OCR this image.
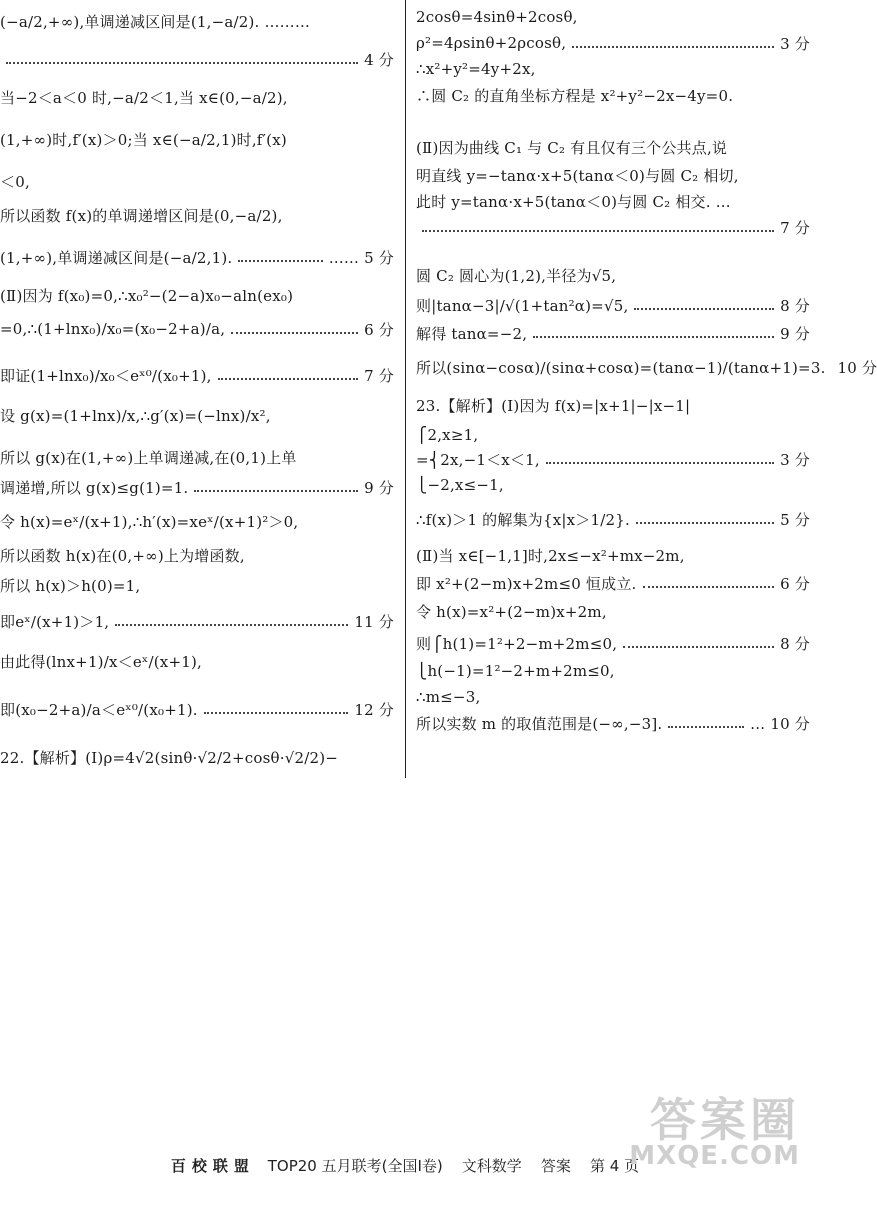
(−a/2,+∞),单调递减区间是(1,−a/2). ………
4 分
当−2＜a＜0 时,−a/2＜1,当 x∈(0,−a/2),
(1,+∞)时,f′(x)＞0;当 x∈(−a/2,1)时,f′(x)
＜0,
所以函数 f(x)的单调递增区间是(0,−a/2),
(1,+∞),单调递减区间是(−a/2,1).	…… 5 分
(Ⅱ)因为 f(x₀)=0,∴x₀²−(2−a)x₀−aln(ex₀)
=0,∴(1+lnx₀)/x₀=(x₀−2+a)/a,	6 分
即证(1+lnx₀)/x₀＜eˣ⁰/(x₀+1),	7 分
设 g(x)=(1+lnx)/x,∴g′(x)=(−lnx)/x²,
所以 g(x)在(1,+∞)上单调递减,在(0,1)上单
调递增,所以 g(x)≤g(1)=1.	9 分
令 h(x)=eˣ/(x+1),∴h′(x)=xeˣ/(x+1)²＞0,
所以函数 h(x)在(0,+∞)上为增函数,
所以 h(x)＞h(0)=1,
即eˣ/(x+1)＞1,	11 分
由此得(lnx+1)/x＜eˣ/(x+1),
即(x₀−2+a)/a＜eˣ⁰/(x₀+1).	12 分
22.【解析】(Ⅰ)ρ=4√2(sinθ·√2/2+cosθ·√2/2)−
2cosθ=4sinθ+2cosθ,
ρ²=4ρsinθ+2ρcosθ,	3 分
∴x²+y²=4y+2x,
∴圆 C₂ 的直角坐标方程是 x²+y²−2x−4y=0.
(Ⅱ)因为曲线 C₁ 与 C₂ 有且仅有三个公共点,说
明直线 y=−tanα·x+5(tanα＜0)与圆 C₂ 相切,
此时 y=tanα·x+5(tanα＜0)与圆 C₂ 相交. …
7 分
圆 C₂ 圆心为(1,2),半径为√5,
则|tanα−3|/√(1+tan²α)=√5,	8 分
解得 tanα=−2,	9 分
所以(sinα−cosα)/(sinα+cosα)=(tanα−1)/(tanα+1)=3. 10 分
23.【解析】(Ⅰ)因为 f(x)=|x+1|−|x−1|
⎧2,x≥1,
=⎨2x,−1＜x＜1,	3 分
⎩−2,x≤−1,
∴f(x)＞1 的解集为{x|x＞1/2}.	5 分
(Ⅱ)当 x∈[−1,1]时,2x≤−x²+mx−2m,
即 x²+(2−m)x+2m≤0 恒成立.	6 分
令 h(x)=x²+(2−m)x+2m,
则⎧h(1)=1²+2−m+2m≤0,	8 分
⎩h(−1)=1²−2+m+2m≤0,
∴m≤−3,
所以实数 m 的取值范围是(−∞,−3].	… 10 分
百校联盟 TOP20 五月联考(全国Ⅰ卷) 文科数学 答案 第 4 页
答案圈
MXQE.COM
